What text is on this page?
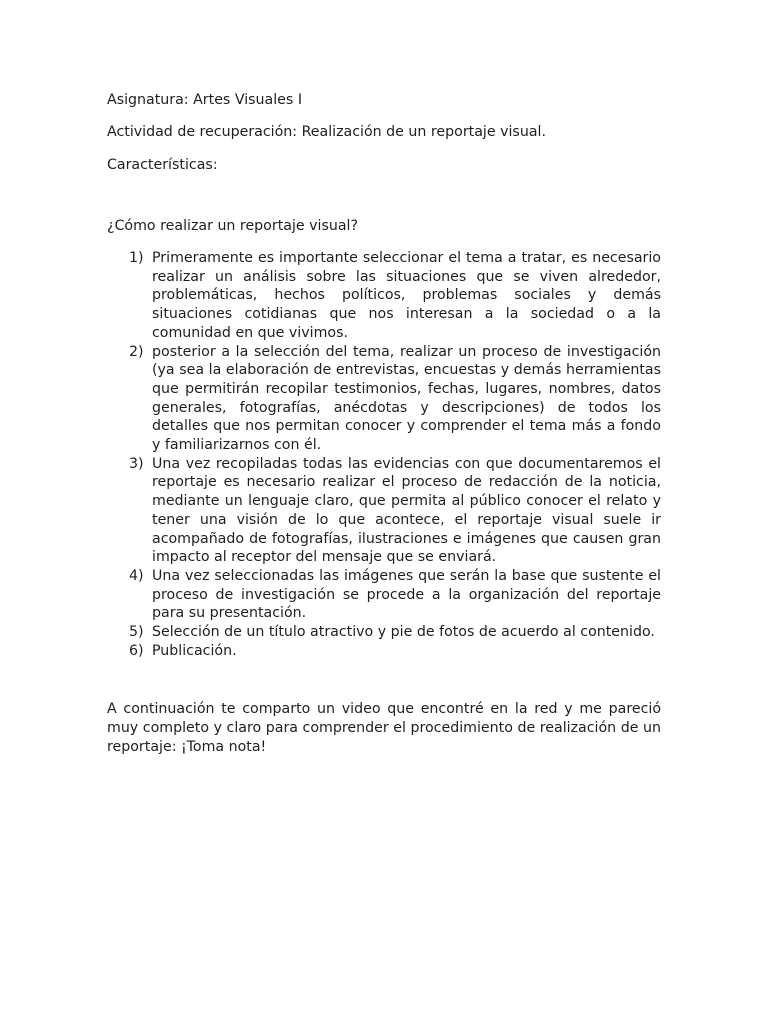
Asignatura: Artes Visuales I
Actividad de recuperación: Realización de un reportaje visual.
Características:
¿Cómo realizar un reportaje visual?
1) Primeramente es importante seleccionar el tema a tratar, es necesario realizar un análisis sobre las situaciones que se viven alrededor, problemáticas, hechos políticos, problemas sociales y demás situaciones cotidianas que nos interesan a la sociedad o a la comunidad en que vivimos.
2) posterior a la selección del tema, realizar un proceso de investigación (ya sea la elaboración de entrevistas, encuestas y demás herramientas que permitirán recopilar testimonios, fechas, lugares, nombres, datos generales, fotografías, anécdotas y descripciones) de todos los detalles que nos permitan conocer y comprender el tema más a fondo y familiarizarnos con él.
3) Una vez recopiladas todas las evidencias con que documentaremos el reportaje es necesario realizar el proceso de redacción de la noticia, mediante un lenguaje claro, que permita al público conocer el relato y tener una visión de lo que acontece, el reportaje visual suele ir acompañado de fotografías, ilustraciones e imágenes que causen gran impacto al receptor del mensaje que se enviará.
4) Una vez seleccionadas las imágenes que serán la base que sustente el proceso de investigación se procede a la organización del reportaje para su presentación.
5) Selección de un título atractivo y pie de fotos de acuerdo al contenido.
6) Publicación.
A continuación te comparto un video que encontré en la red y me pareció muy completo y claro para comprender el procedimiento de realización de un reportaje: ¡Toma nota!
